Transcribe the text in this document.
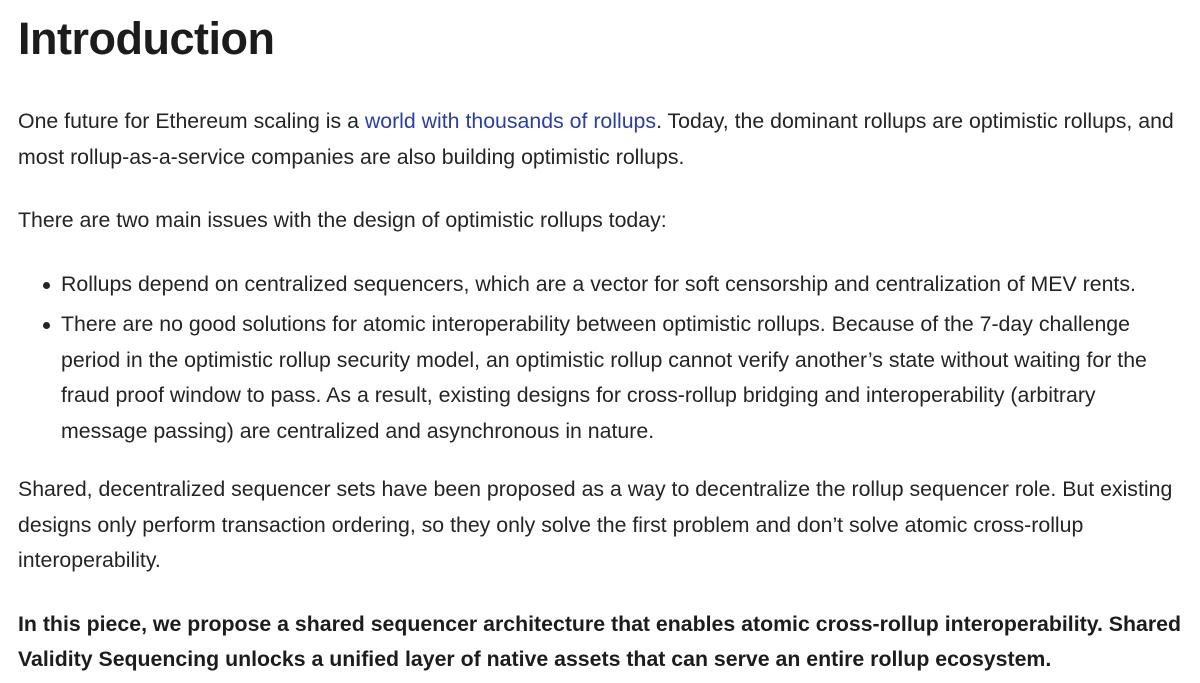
Introduction

One future for Ethereum scaling is a world with thousands of rollups. Today, the dominant rollups are optimistic rollups, and most rollup-as-a-service companies are also building optimistic rollups.

There are two main issues with the design of optimistic rollups today:

Rollups depend on centralized sequencers, which are a vector for soft censorship and centralization of MEV rents.
There are no good solutions for atomic interoperability between optimistic rollups. Because of the 7-day challenge period in the optimistic rollup security model, an optimistic rollup cannot verify another’s state without waiting for the fraud proof window to pass. As a result, existing designs for cross-rollup bridging and interoperability (arbitrary message passing) are centralized and asynchronous in nature.

Shared, decentralized sequencer sets have been proposed as a way to decentralize the rollup sequencer role. But existing designs only perform transaction ordering, so they only solve the first problem and don’t solve atomic cross-rollup interoperability.

In this piece, we propose a shared sequencer architecture that enables atomic cross-rollup interoperability. Shared Validity Sequencing unlocks a unified layer of native assets that can serve an entire rollup ecosystem.
